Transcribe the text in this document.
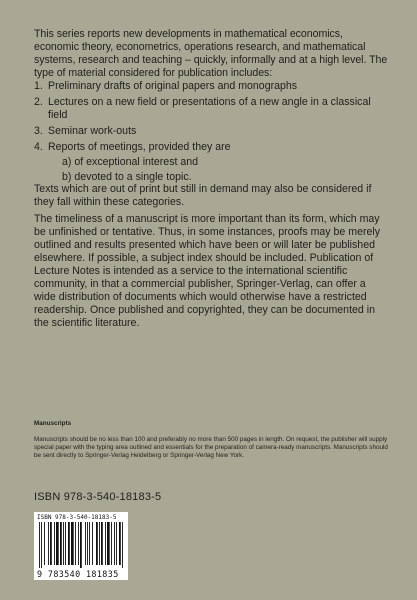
This series reports new developments in mathematical economics, economic theory, econometrics, operations research, and mathematical systems, research and teaching – quickly, informally and at a high level. The type of material considered for publication includes:

1. Preliminary drafts of original papers and monographs
2. Lectures on a new field or presentations of a new angle in a classical field
3. Seminar work-outs
4. Reports of meetings, provided they are
a) of exceptional interest and
b) devoted to a single topic.

Texts which are out of print but still in demand may also be considered if they fall within these categories.

The timeliness of a manuscript is more important than its form, which may be unfinished or tentative. Thus, in some instances, proofs may be merely outlined and results presented which have been or will later be published elsewhere. If possible, a subject index should be included. Publication of Lecture Notes is intended as a service to the international scientific community, in that a commercial publisher, Springer-Verlag, can offer a wide distribution of documents which would otherwise have a restricted readership. Once published and copyrighted, they can be documented in the scientific literature.

Manuscripts

Manuscripts should be no less than 100 and preferably no more than 500 pages in length. On request, the publisher will supply special paper with the typing area outlined and essentials for the preparation of camera-ready manuscripts. Manuscripts should be sent directly to Springer-Verlag Heidelberg or Springer-Verlag New York.

ISBN 978-3-540-18183-5
ISBN 978-3-540-18183-5
9 783540 181835
